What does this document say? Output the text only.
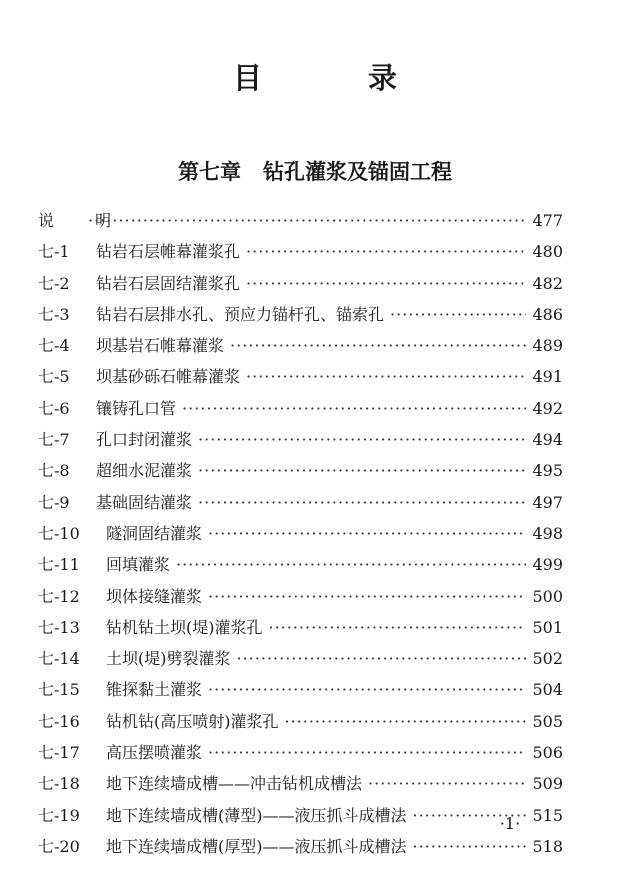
目 录
第七章   钻孔灌浆及锚固工程
说 明 ·····	477
七-1	钻岩石层帷幕灌浆孔 ·····	480
七-2	钻岩石层固结灌浆孔 ·····	482
七-3	钻岩石层排水孔、预应力锚杆孔、锚索孔 ·····	486
七-4	坝基岩石帷幕灌浆 ·····	489
七-5	坝基砂砾石帷幕灌浆 ·····	491
七-6	镶铸孔口管 ·····	492
七-7	孔口封闭灌浆 ·····	494
七-8	超细水泥灌浆 ·····	495
七-9	基础固结灌浆 ·····	497
七-10	隧洞固结灌浆 ·····	498
七-11	回填灌浆 ·····	499
七-12	坝体接缝灌浆 ·····	500
七-13	钻机钻土坝(堤)灌浆孔 ·····	501
七-14	土坝(堤)劈裂灌浆 ·····	502
七-15	锥探黏土灌浆 ·····	504
七-16	钻机钻(高压喷射)灌浆孔 ·····	505
七-17	高压摆喷灌浆 ·····	506
七-18	地下连续墙成槽——冲击钻机成槽法 ·····	509
七-19	地下连续墙成槽(薄型)——液压抓斗成槽法 ·····	515
七-20	地下连续墙成槽(厚型)——液压抓斗成槽法 ·····	518
·1·
